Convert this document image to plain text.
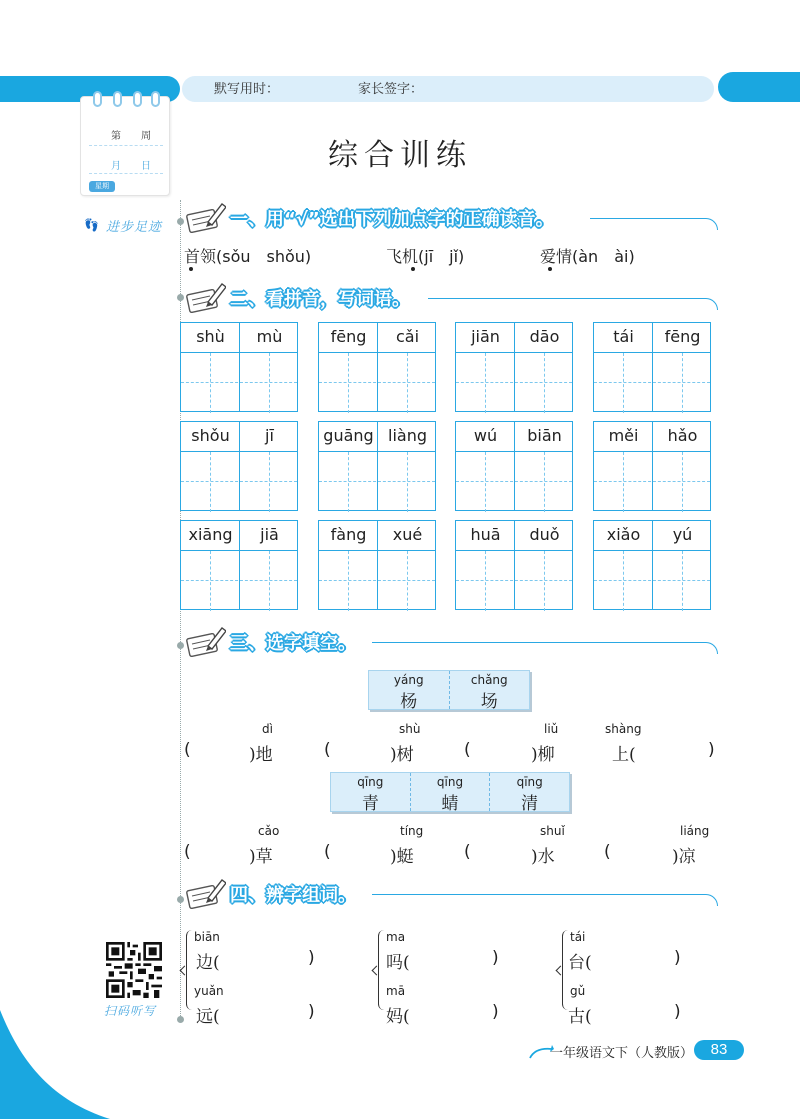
默写用时：	家长签字：
第　　周
月　　日
星期
👣 进步足迹
综合训练
一、用“√”选出下列加点字的正确读音。
首领(sǒu　shǒu)	飞机(jī　jǐ)	爱情(àn　ài)
二、看拼音，写词语。
shù	mù	fēng	cǎi	jiān	dāo	tái	fēng
shǒu	jī	guāng liàng	wú	biān	měi	hǎo
xiāng	jiā	fàng	xué	huā	duǒ	xiǎo	yú
三、选字填空。
yáng
杨
chǎng
场
dì	shù	liǔ	shàng
(	)地	(	)树	(	)柳	上(	)
qīng
青
qīng
蜻
qīng
清
cǎo	tíng	shuǐ	liáng
(	)草	(	)蜓	(	)水	(	)凉
四、辨字组词。
biān
边(	)
yuǎn
远(	)
ma
吗(	)
mā
妈(	)
tái
台(	)
gǔ
古(	)
扫码听写
一年级语文下（人教版）	83
